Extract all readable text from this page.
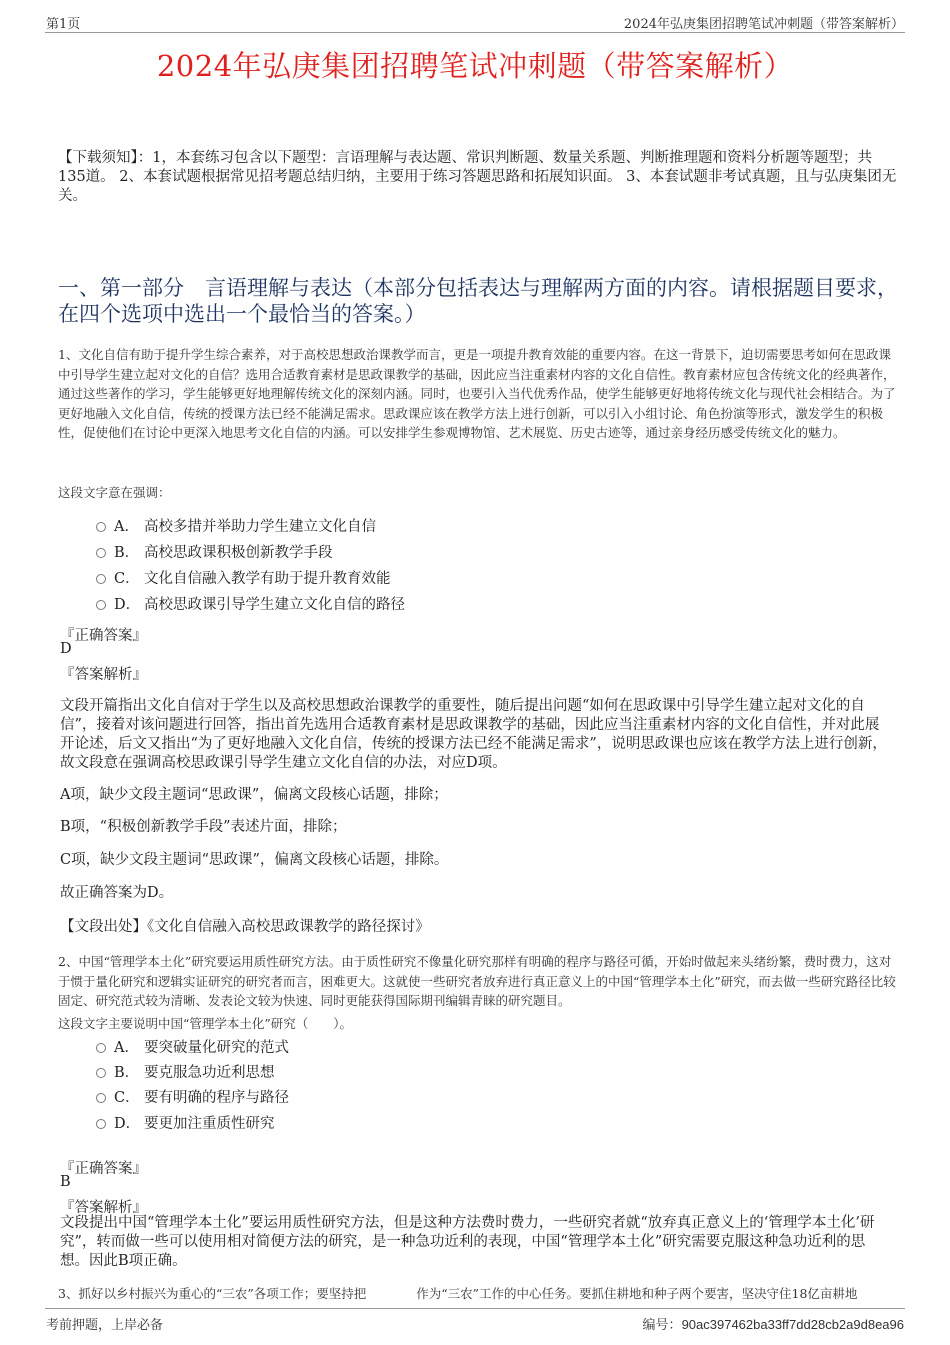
第1页	2024年弘庚集团招聘笔试冲刺题（带答案解析）
2024年弘庚集团招聘笔试冲刺题（带答案解析）
【下载须知】：1，本套练习包含以下题型：言语理解与表达题、常识判断题、数量关系题、判断推理题和资料分析题等题型；共135道。 2、本套试题根据常见招考题总结归纳，主要用于练习答题思路和拓展知识面。 3、本套试题非考试真题，且与弘庚集团无关。
一、第一部分　言语理解与表达（本部分包括表达与理解两方面的内容。请根据题目要求，在四个选项中选出一个最恰当的答案。）
1、文化自信有助于提升学生综合素养，对于高校思想政治课教学而言，更是一项提升教育效能的重要内容。在这一背景下，迫切需要思考如何在思政课中引导学生建立起对文化的自信？选用合适教育素材是思政课教学的基础，因此应当注重素材内容的文化自信性。教育素材应包含传统文化的经典著作，通过这些著作的学习，学生能够更好地理解传统文化的深刻内涵。同时，也要引入当代优秀作品，使学生能够更好地将传统文化与现代社会相结合。为了更好地融入文化自信，传统的授课方法已经不能满足需求。思政课应该在教学方法上进行创新，可以引入小组讨论、角色扮演等形式，激发学生的积极性，促使他们在讨论中更深入地思考文化自信的内涵。可以安排学生参观博物馆、艺术展览、历史古迹等，通过亲身经历感受传统文化的魅力。
这段文字意在强调：
A． 高校多措并举助力学生建立文化自信
B． 高校思政课积极创新教学手段
C． 文化自信融入教学有助于提升教育效能
D． 高校思政课引导学生建立文化自信的路径
『正确答案』
D
『答案解析』
文段开篇指出文化自信对于学生以及高校思想政治课教学的重要性，随后提出问题“如何在思政课中引导学生建立起对文化的自信”，接着对该问题进行回答，指出首先选用合适教育素材是思政课教学的基础，因此应当注重素材内容的文化自信性，并对此展开论述，后文又指出“为了更好地融入文化自信，传统的授课方法已经不能满足需求”，说明思政课也应该在教学方法上进行创新，故文段意在强调高校思政课引导学生建立文化自信的办法，对应D项。
A项，缺少文段主题词“思政课”，偏离文段核心话题，排除；
B项，“积极创新教学手段”表述片面，排除；
C项，缺少文段主题词“思政课”，偏离文段核心话题，排除。
故正确答案为D。
【文段出处】《文化自信融入高校思政课教学的路径探讨》
2、中国“管理学本土化”研究要运用质性研究方法。由于质性研究不像量化研究那样有明确的程序与路径可循，开始时做起来头绪纷繁，费时费力，这对于惯于量化研究和逻辑实证研究的研究者而言，困难更大。这就使一些研究者放弃进行真正意义上的中国“管理学本土化”研究，而去做一些研究路径比较固定、研究范式较为清晰、发表论文较为快速、同时更能获得国际期刊编辑青睐的研究题目。
这段文字主要说明中国“管理学本土化”研究（　　）。
A． 要突破量化研究的范式
B． 要克服急功近利思想
C． 要有明确的程序与路径
D． 要更加注重质性研究
『正确答案』
B
『答案解析』
文段提出中国“管理学本土化”要运用质性研究方法，但是这种方法费时费力，一些研究者就“放弃真正意义上的‘管理学本土化’研究”，转而做一些可以使用相对简便方法的研究，是一种急功近利的表现，中国“管理学本土化”研究需要克服这种急功近利的思想。因此B项正确。
3、抓好以乡村振兴为重心的“三农”各项工作；要坚持把　　　　作为“三农”工作的中心任务。要抓住耕地和种子两个要害，坚决守住18亿亩耕地
考前押题，上岸必备	编号：90ac397462ba33ff7dd28cb2a9d8ea96
